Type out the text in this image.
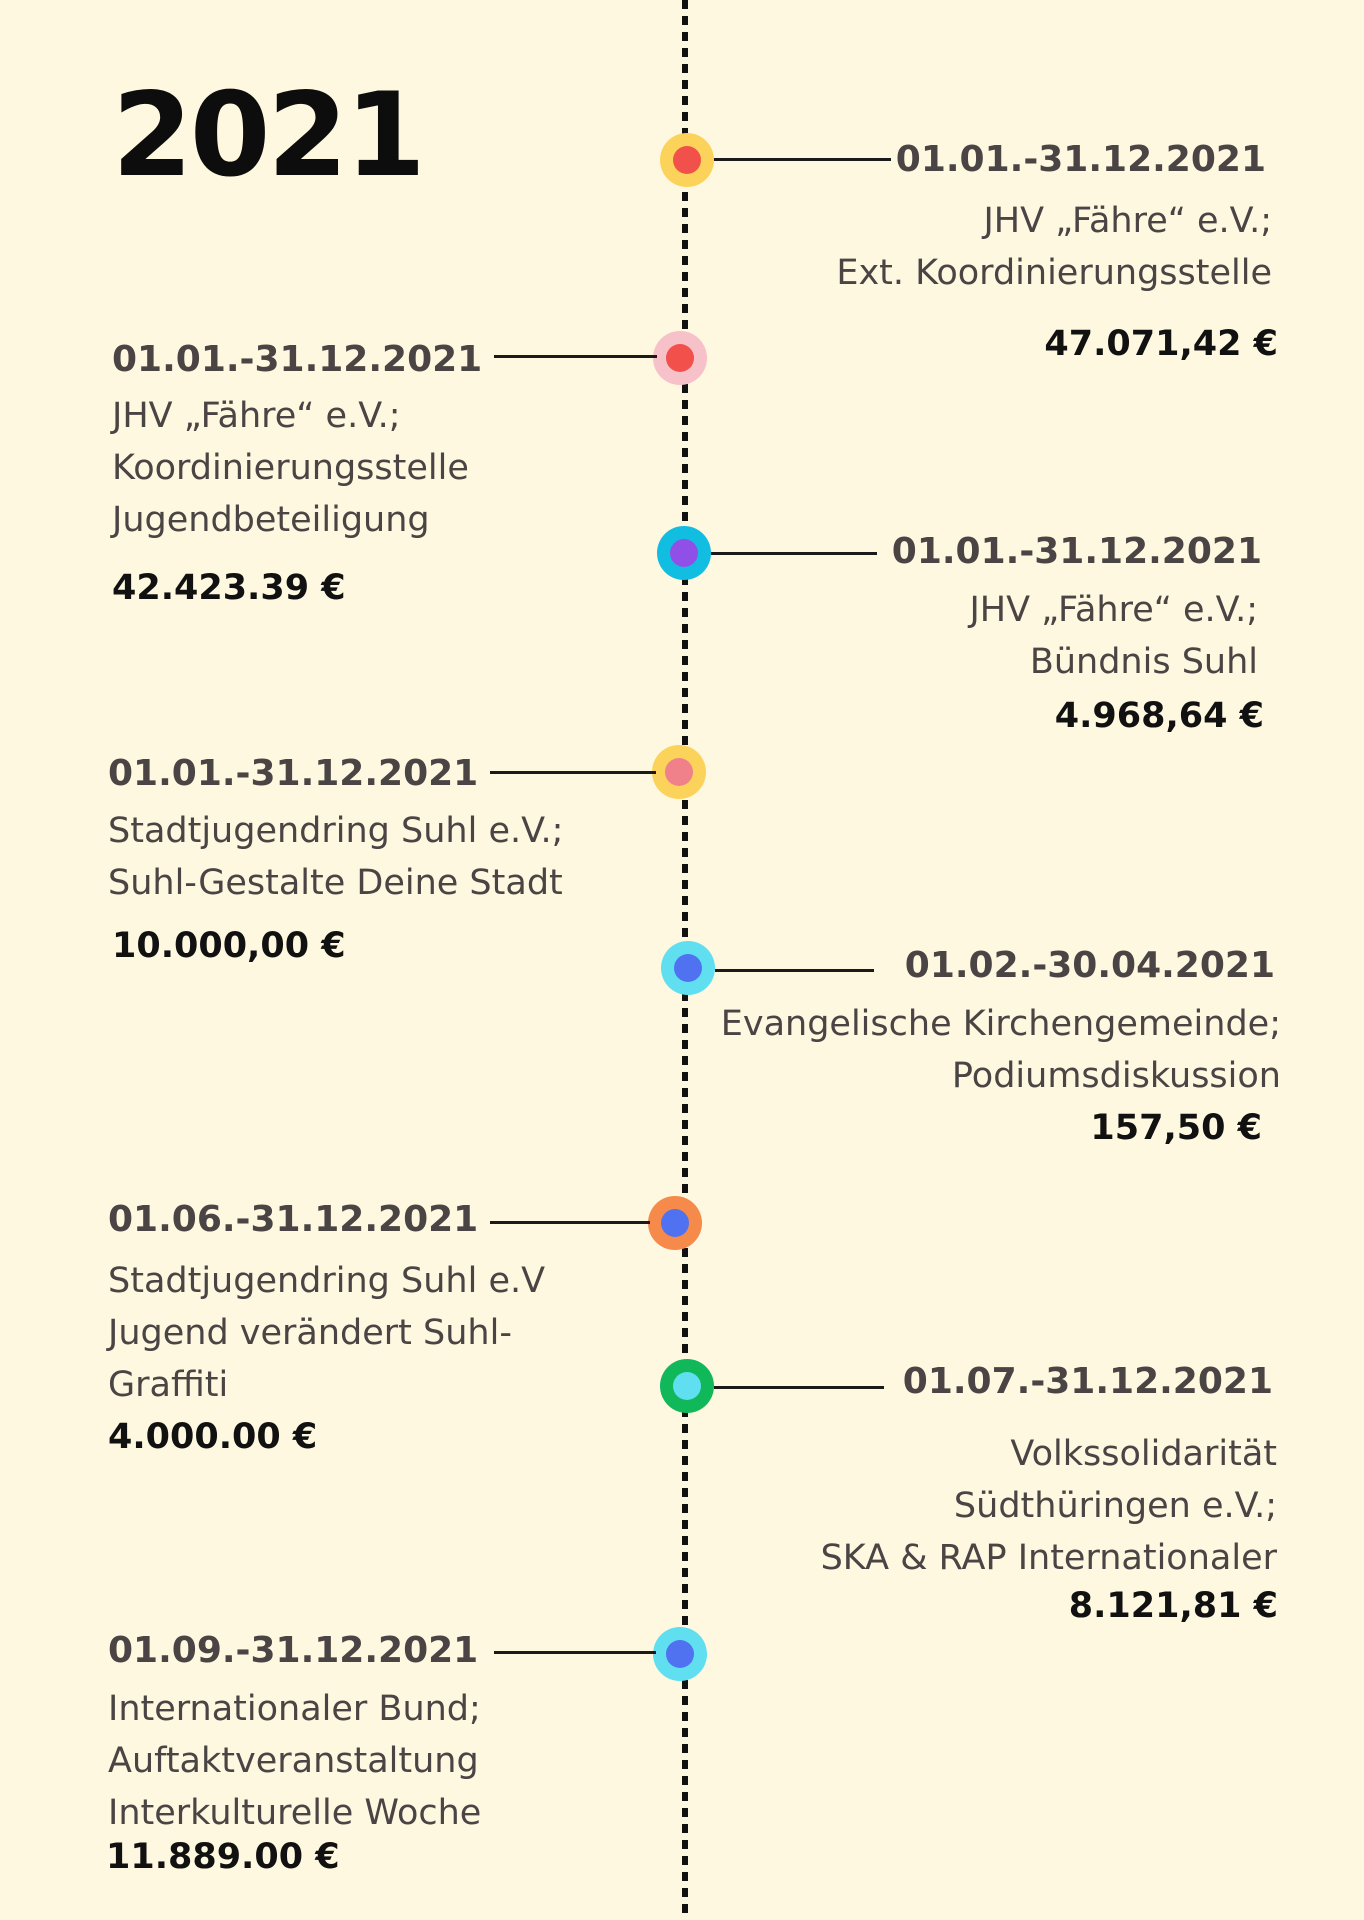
2021	01.01.-31.12.2021
JHV „Fähre“ e.V.;
Ext. Koordinierungsstelle
47.071,42 €
01.01.-31.12.2021
JHV „Fähre“ e.V.;
Koordinierungsstelle
Jugendbeteiligung
42.423.39 €
01.01.-31.12.2021
JHV „Fähre“ e.V.;
Bündnis Suhl
4.968,64 €
01.01.-31.12.2021
Stadtjugendring Suhl e.V.;
Suhl-Gestalte Deine Stadt
10.000,00 €	01.02.-30.04.2021
Evangelische Kirchengemeinde;
Podiumsdiskussion
157,50 €
01.06.-31.12.2021
Stadtjugendring Suhl e.V
Jugend verändert Suhl-
Graffiti
4.000.00 €
01.07.-31.12.2021
Volkssolidarität
Südthüringen e.V.;
SKA & RAP Internationaler
8.121,81 €
01.09.-31.12.2021
Internationaler Bund;
Auftaktveranstaltung
Interkulturelle Woche
11.889.00 €
